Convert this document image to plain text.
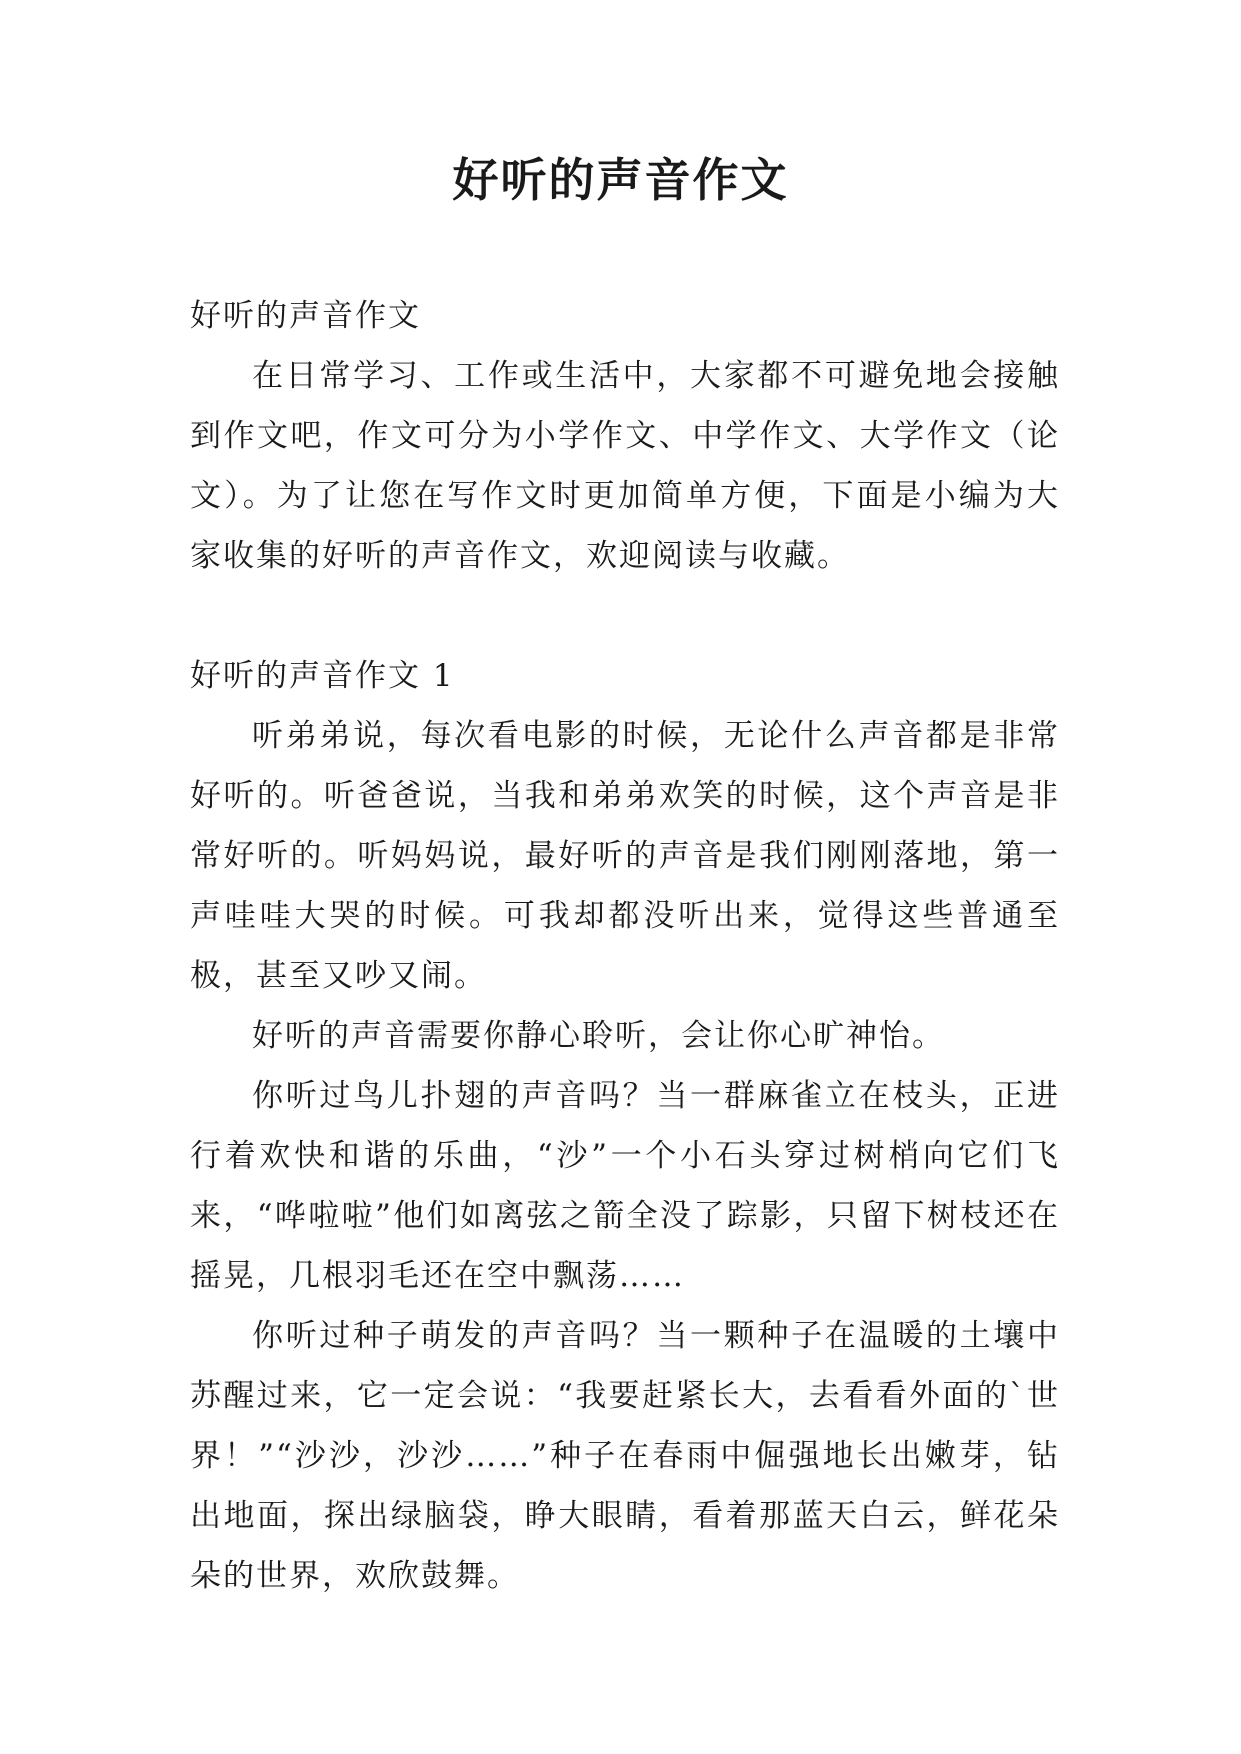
好听的声音作文

好听的声音作文

在日常学习、工作或生活中，大家都不可避免地会接触到作文吧，作文可分为小学作文、中学作文、大学作文（论文）。为了让您在写作文时更加简单方便，下面是小编为大家收集的好听的声音作文，欢迎阅读与收藏。

好听的声音作文 1

听弟弟说，每次看电影的时候，无论什么声音都是非常好听的。听爸爸说，当我和弟弟欢笑的时候，这个声音是非常好听的。听妈妈说，最好听的声音是我们刚刚落地，第一声哇哇大哭的时候。可我却都没听出来，觉得这些普通至极，甚至又吵又闹。

好听的声音需要你静心聆听，会让你心旷神怡。

你听过鸟儿扑翅的声音吗？当一群麻雀立在枝头，正进行着欢快和谐的乐曲，“沙”一个小石头穿过树梢向它们飞来，“哗啦啦”他们如离弦之箭全没了踪影，只留下树枝还在摇晃，几根羽毛还在空中飘荡……

你听过种子萌发的声音吗？当一颗种子在温暖的土壤中苏醒过来，它一定会说：“我要赶紧长大，去看看外面的`世界！”“沙沙，沙沙……”种子在春雨中倔强地长出嫩芽，钻出地面，探出绿脑袋，睁大眼睛，看着那蓝天白云，鲜花朵朵的世界，欢欣鼓舞。
